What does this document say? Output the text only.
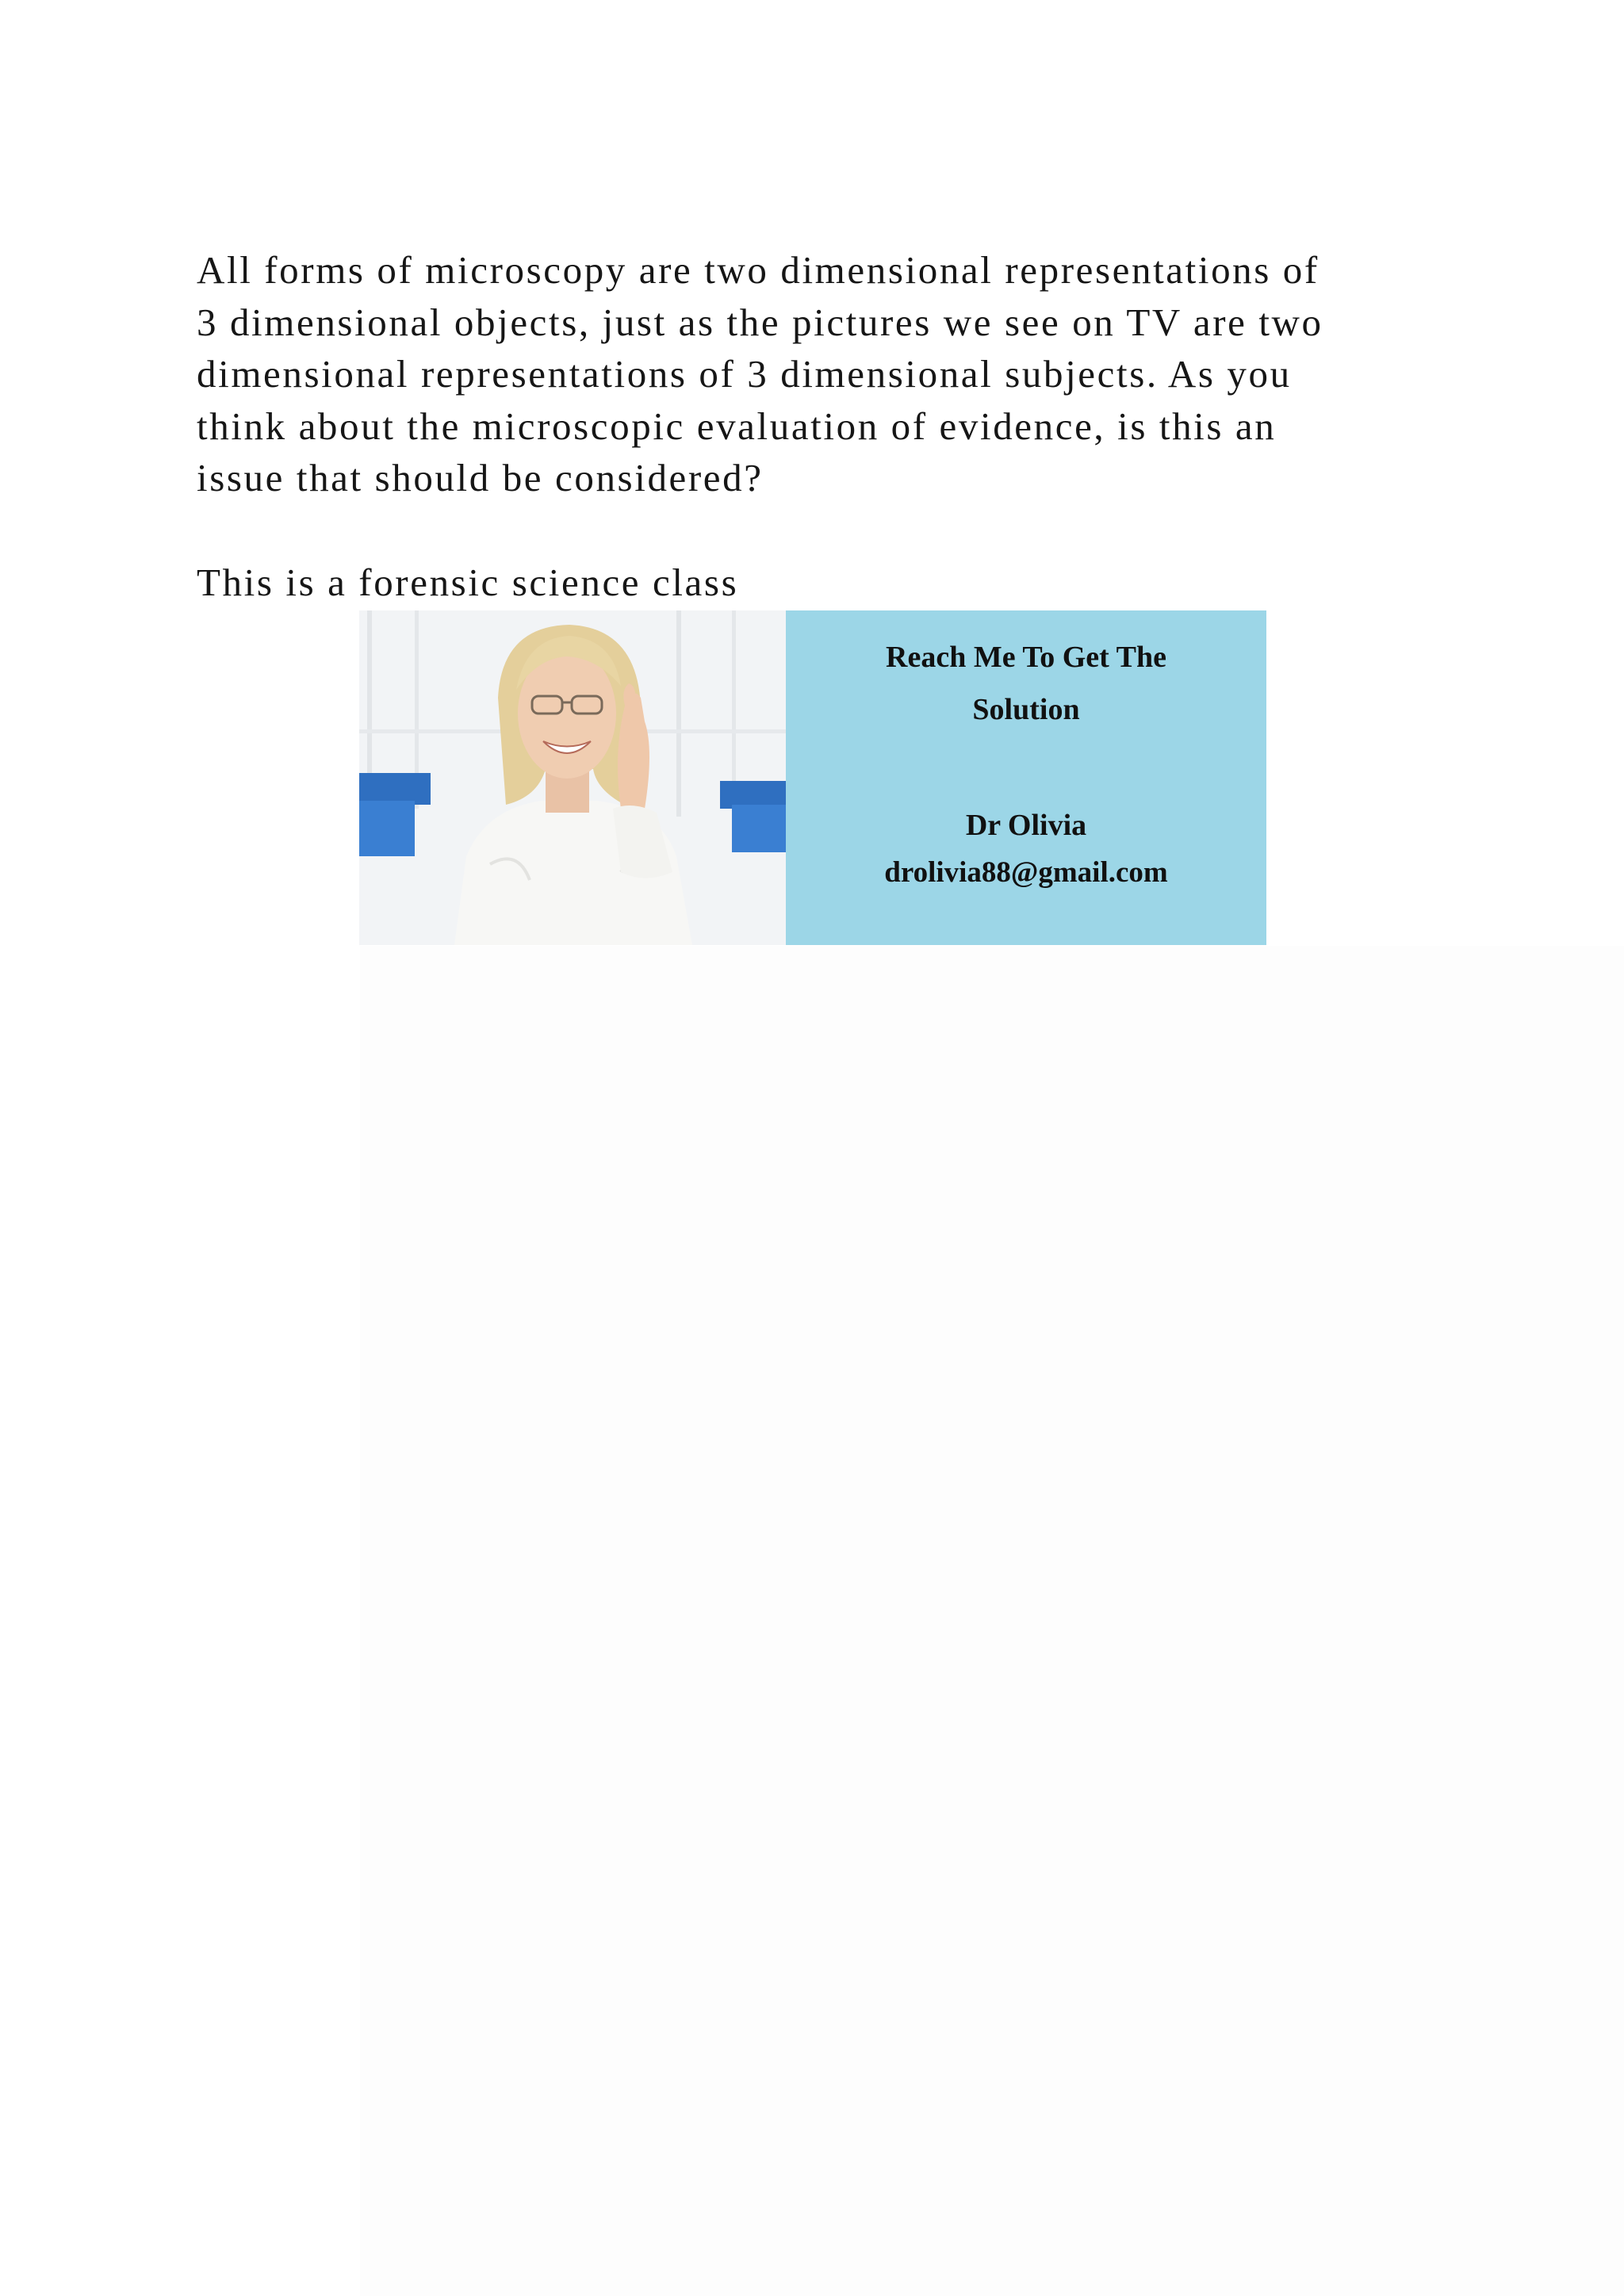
All forms of microscopy are two dimensional representations of
3 dimensional objects, just as the pictures we see on TV are two
dimensional representations of 3 dimensional subjects. As you
think about the microscopic evaluation of evidence, is this an
issue that should be considered?

This is a forensic science class

Reach Me To Get The

Solution

Dr Olivia

drolivia88@gmail.com
